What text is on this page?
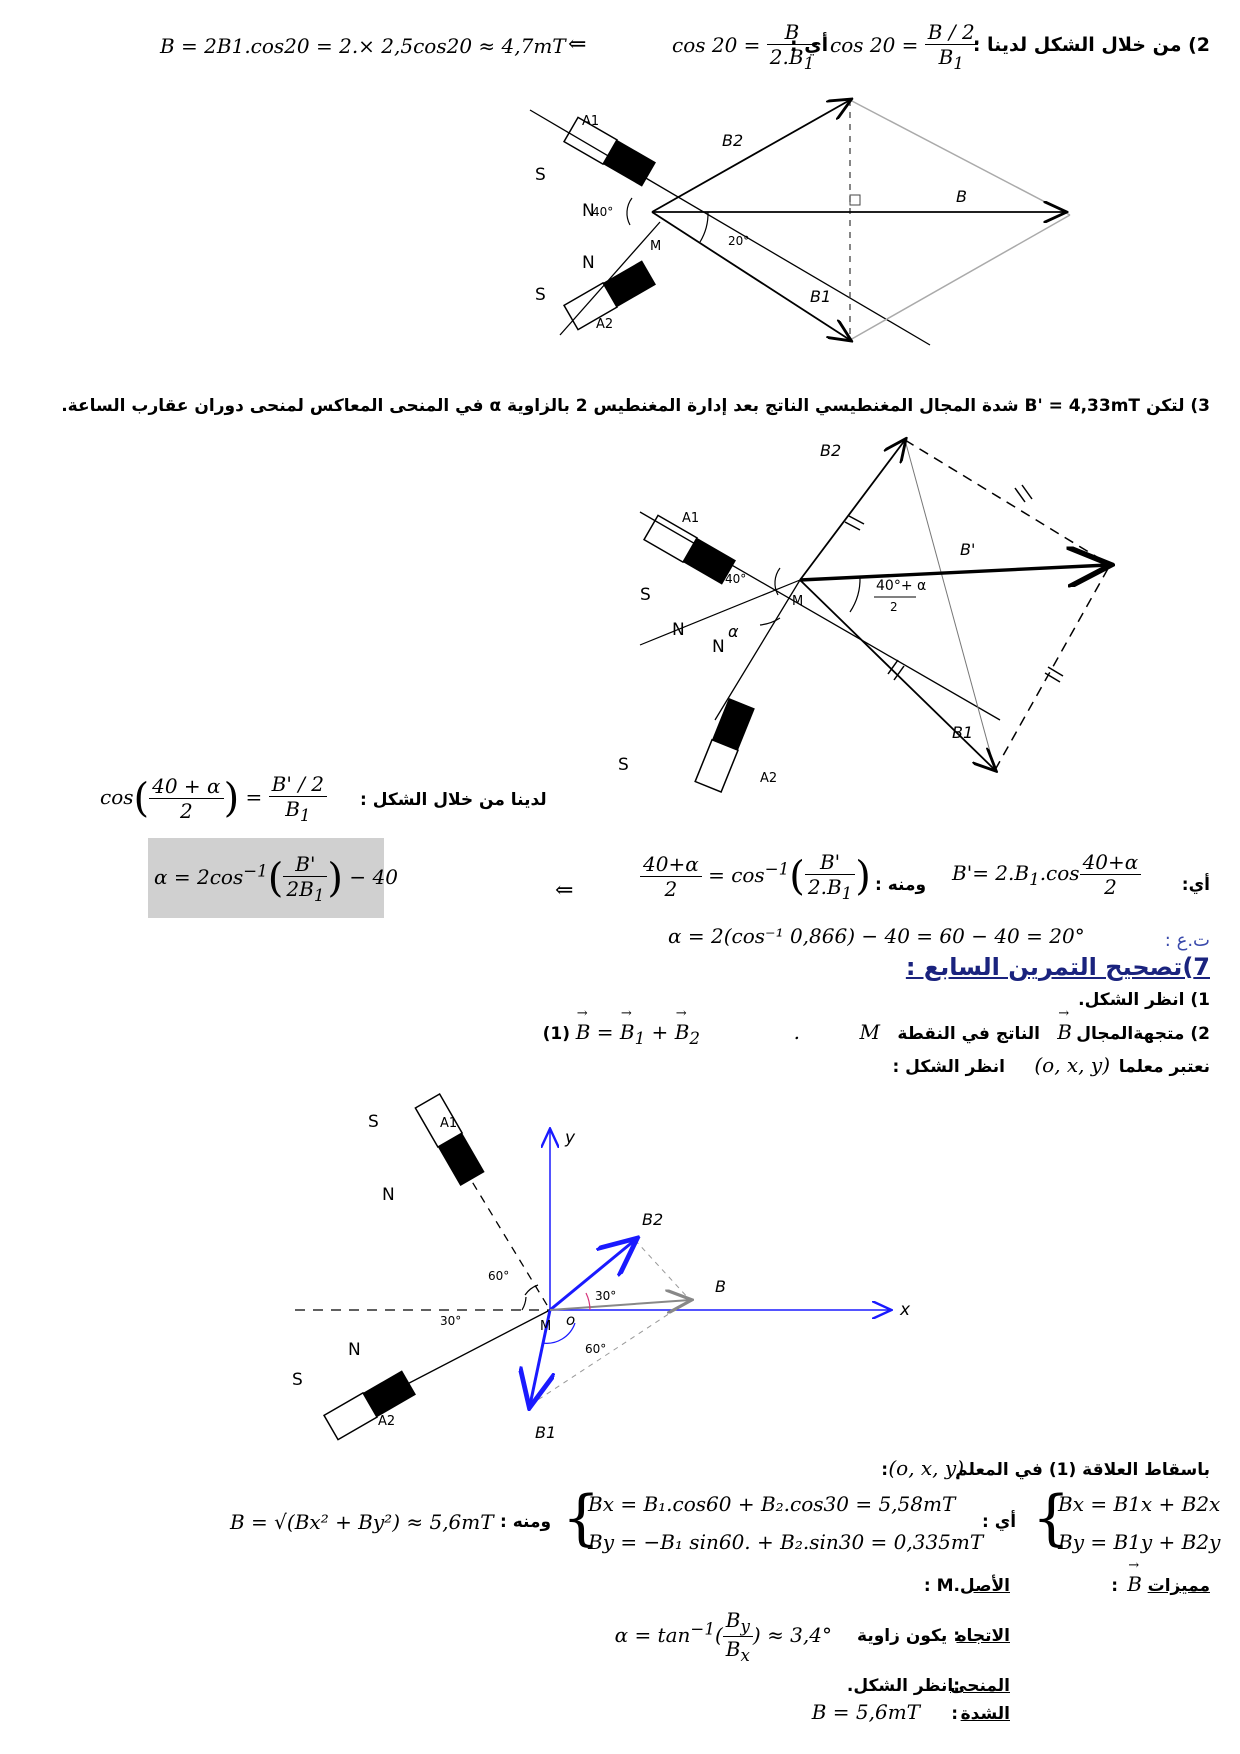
2) من خلال الشكل لدينا :
$\cos 20 = \frac{B / 2}{B_1}$
أي :
$\cos 20 = \frac{B}{2.B_1}$
⇐
B = 2B1.cos20 = 2.× 2,5cos20 ≈ 4,7mT
S
S
N
N
A1
A2
M
40°
20°
B2
B
B1
3) لتكن B' = 4,33mT شدة المجال المغنطيسي الناتج بعد إدارة المغنطيس 2 بالزاوية α في المنحى المعاكس لمنحى دوران عقارب الساعة.
S
S
N
N
A1
A2
M
40°
α
40°+ α
2
B'
B1
B2
لدينا من خلال الشكل :
$\cos( \frac{40 + \alpha}{2}$ ) = $\frac{B' / 2}{B_1}$
$\alpha = 2\cos^{-1}( \frac{B'}{2B_1}$ ) − 40
⇐	$\frac{40+\alpha}{2} = \cos^{-1}( \frac{B'}{2.B_1}$ ) ومنه : $B'= 2.B_1.\cos \frac{40+\alpha}{2}$ أي:
ت.ع :
α = 2(cos⁻¹ 0,866) − 40 = 60 − 40 = 20°
7)تصحيح التمرين السابع :
1) انظر الشكل.
2) متجهةالمجال
→ B
الناتج في النقطة
M
.
→ B = → $B_1$ + → $B_2$
(1)
نعتبر معلما
(o, x, y)
انظر الشكل :
S
N
A1
N
S
A2
M o	x
y
60°
30°
30°
60°
B
B1
B2
باسقاط العلاقة (1) في المعلم
(o, x, y)
:
{
Bx = B1x + B2x
By = B1y + B2y
أي :
{
Bx = B₁.cos60 + B₂.cos30 = 5,58mT
By = −B₁ sin60. + B₂.sin30 = 0,335mT
ومنه :
B = √(Bx² + By²) ≈ 5,6mT
مميزات
→ B
:
الأصل
: M.
الاتجاه
: يكون زاوية
$\alpha = \tan^{-1}( \frac{B_y}{B_x}$ ) ≈ 3,4°
المنحى
:انظر الشكل.
الشدة
:
B = 5,6mT
